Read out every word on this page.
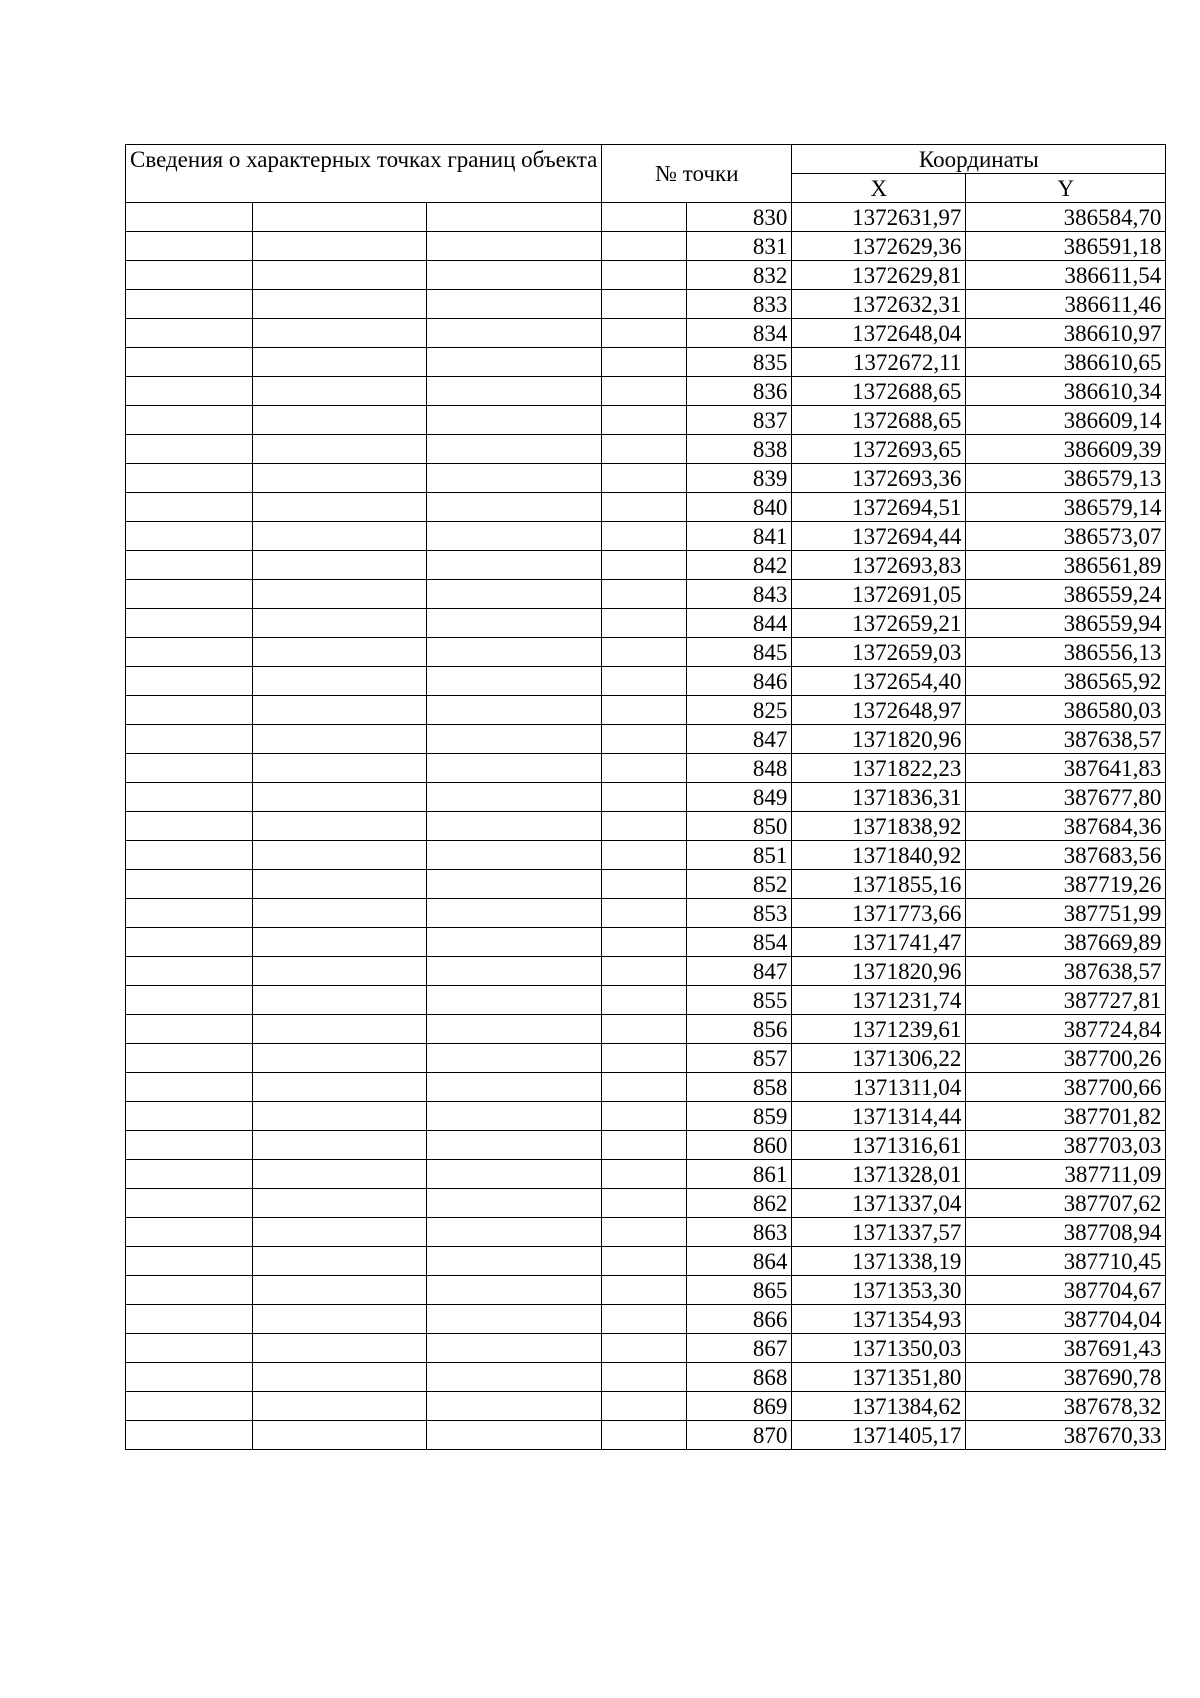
Сведения о характерных точках границ объекта			№ точки		Координаты	
					X	Y
				830	1372631,97	386584,70
				831	1372629,36	386591,18
				832	1372629,81	386611,54
				833	1372632,31	386611,46
				834	1372648,04	386610,97
				835	1372672,11	386610,65
				836	1372688,65	386610,34
				837	1372688,65	386609,14
				838	1372693,65	386609,39
				839	1372693,36	386579,13
				840	1372694,51	386579,14
				841	1372694,44	386573,07
				842	1372693,83	386561,89
				843	1372691,05	386559,24
				844	1372659,21	386559,94
				845	1372659,03	386556,13
				846	1372654,40	386565,92
				825	1372648,97	386580,03
				847	1371820,96	387638,57
				848	1371822,23	387641,83
				849	1371836,31	387677,80
				850	1371838,92	387684,36
				851	1371840,92	387683,56
				852	1371855,16	387719,26
				853	1371773,66	387751,99
				854	1371741,47	387669,89
				847	1371820,96	387638,57
				855	1371231,74	387727,81
				856	1371239,61	387724,84
				857	1371306,22	387700,26
				858	1371311,04	387700,66
				859	1371314,44	387701,82
				860	1371316,61	387703,03
				861	1371328,01	387711,09
				862	1371337,04	387707,62
				863	1371337,57	387708,94
				864	1371338,19	387710,45
				865	1371353,30	387704,67
				866	1371354,93	387704,04
				867	1371350,03	387691,43
				868	1371351,80	387690,78
				869	1371384,62	387678,32
				870	1371405,17	387670,33
